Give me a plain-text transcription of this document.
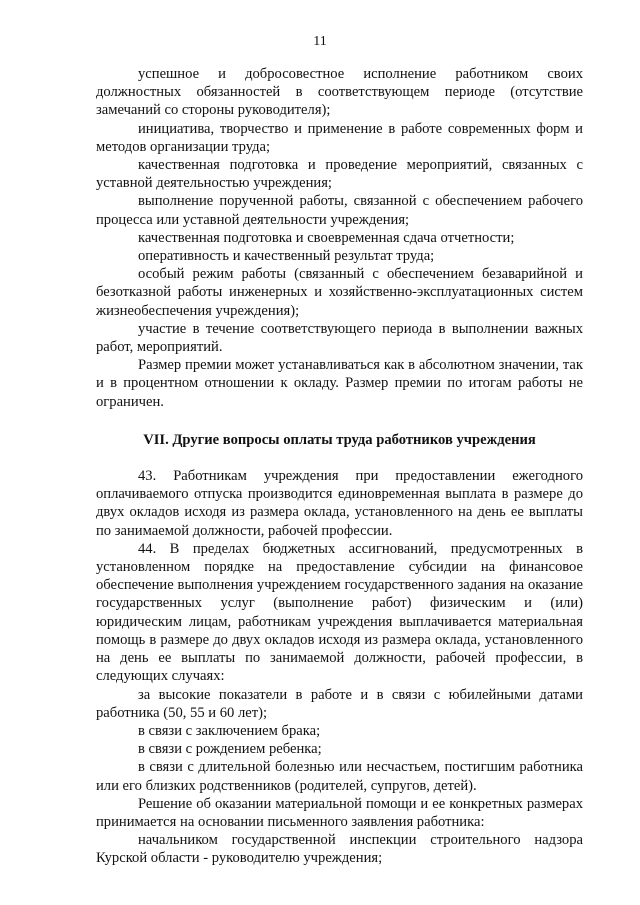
11

успешное и добросовестное исполнение работником своих должностных обязанностей в соответствующем периоде (отсутствие замечаний со стороны руководителя);

инициатива, творчество и применение в работе современных форм и методов организации труда;

качественная подготовка и проведение мероприятий, связанных с уставной деятельностью учреждения;

выполнение порученной работы, связанной с обеспечением рабочего процесса или уставной деятельности учреждения;

качественная подготовка и своевременная сдача отчетности;

оперативность и качественный результат труда;

особый режим работы (связанный с обеспечением безаварийной и безотказной работы инженерных и хозяйственно-эксплуатационных систем жизнеобеспечения учреждения);

участие в течение соответствующего периода в выполнении важных работ, мероприятий.

Размер премии может устанавливаться как в абсолютном значении, так и в процентном отношении к окладу. Размер премии по итогам работы не ограничен.

VII. Другие вопросы оплаты труда работников учреждения

43. Работникам учреждения при предоставлении ежегодного оплачиваемого отпуска производится единовременная выплата в размере до двух окладов исходя из размера оклада, установленного на день ее выплаты по занимаемой должности, рабочей профессии.

44. В пределах бюджетных ассигнований, предусмотренных в установленном порядке на предоставление субсидии на финансовое обеспечение выполнения учреждением государственного задания на оказание государственных услуг (выполнение работ) физическим и (или) юридическим лицам, работникам учреждения выплачивается материальная помощь в размере до двух окладов исходя из размера оклада, установленного на день ее выплаты по занимаемой должности, рабочей профессии, в следующих случаях:

за высокие показатели в работе и в связи с юбилейными датами работника (50, 55 и 60 лет);

в связи с заключением брака;

в связи с рождением ребенка;

в связи с длительной болезнью или несчастьем, постигшим работника или его близких родственников (родителей, супругов, детей).

Решение об оказании материальной помощи и ее конкретных размерах принимается на основании письменного заявления работника:

начальником государственной инспекции строительного надзора Курской области - руководителю учреждения;
